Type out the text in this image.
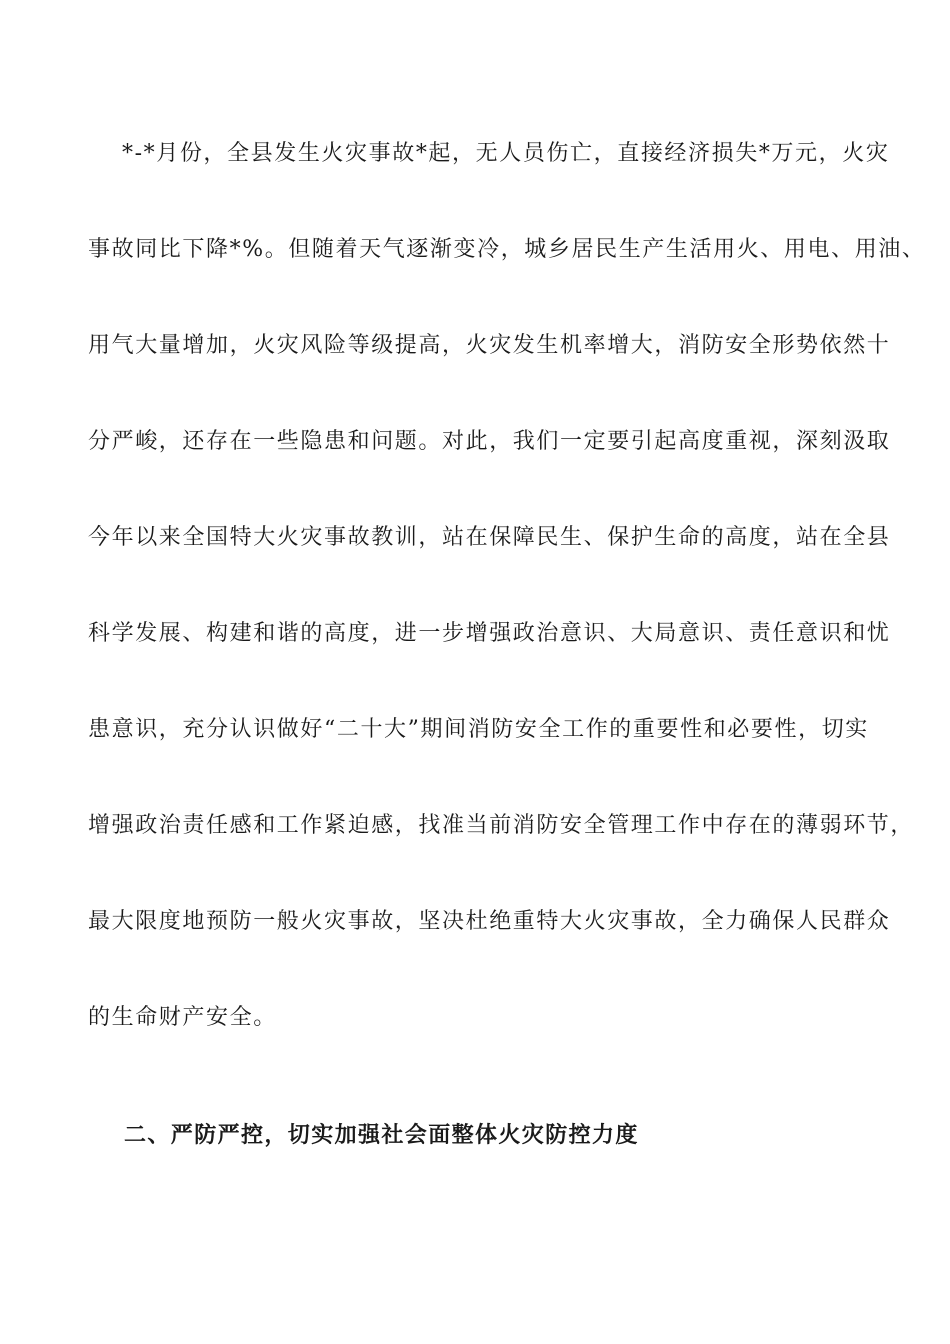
*-*月份，全县发生火灾事故*起，无人员伤亡，直接经济损失*万元，火灾
事故同比下降*%。但随着天气逐渐变冷，城乡居民生产生活用火、用电、用油、
用气大量增加，火灾风险等级提高，火灾发生机率增大，消防安全形势依然十
分严峻，还存在一些隐患和问题。对此，我们一定要引起高度重视，深刻汲取
今年以来全国特大火灾事故教训，站在保障民生、保护生命的高度，站在全县
科学发展、构建和谐的高度，进一步增强政治意识、大局意识、责任意识和忧
患意识，充分认识做好“二十大”期间消防安全工作的重要性和必要性，切实
增强政治责任感和工作紧迫感，找准当前消防安全管理工作中存在的薄弱环节，
最大限度地预防一般火灾事故，坚决杜绝重特大火灾事故，全力确保人民群众
的生命财产安全。
二、严防严控，切实加强社会面整体火灾防控力度
